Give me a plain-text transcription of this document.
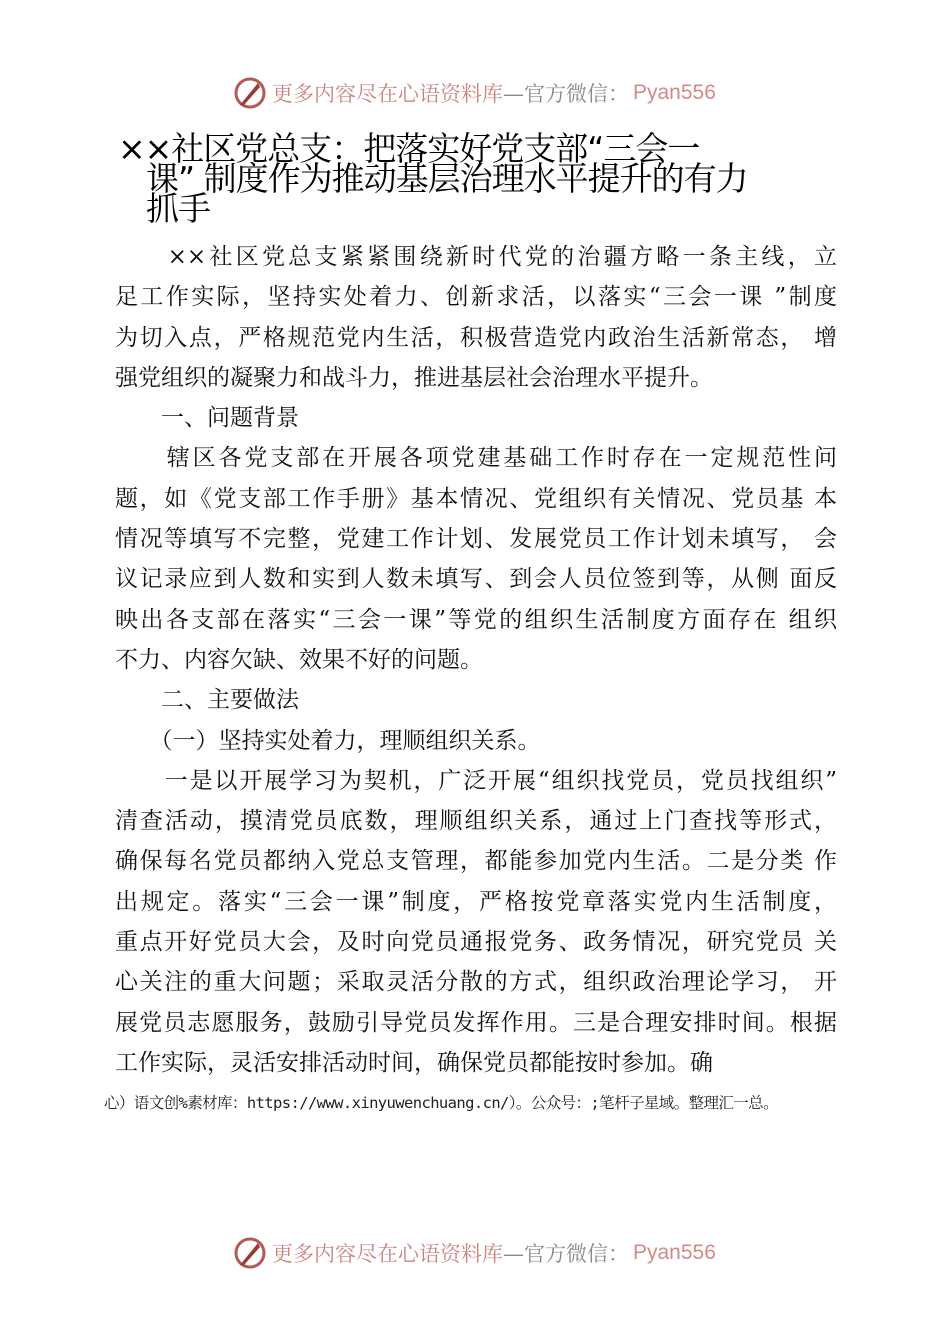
更多内容尽在心语资料库 —官方微信： Pyan556
××社区党总支：把落实好党支部“三会一
课” 制度作为推动基层治理水平提升的有力
抓手
　　××社区党总支紧紧围绕新时代党的治疆方略一条主线，立
足工作实际，坚持实处着力、创新求活，以落实“三会一课 ”制度
为切入点，严格规范党内生活，积极营造党内政治生活新常态， 增
强党组织的凝聚力和战斗力，推进基层社会治理水平提升。
　　一、问题背景
　　辖区各党支部在开展各项党建基础工作时存在一定规范性问
题，如《党支部工作手册》基本情况、党组织有关情况、党员基 本
情况等填写不完整，党建工作计划、发展党员工作计划未填写， 会
议记录应到人数和实到人数未填写、到会人员位签到等，从侧 面反
映出各支部在落实“三会一课”等党的组织生活制度方面存在 组织
不力、内容欠缺、效果不好的问题。
　　二、主要做法
　　（一）坚持实处着力，理顺组织关系。
　　一是以开展学习为契机，广泛开展“组织找党员，党员找组织”
清查活动，摸清党员底数，理顺组织关系，通过上门查找等形式，
确保每名党员都纳入党总支管理，都能参加党内生活。二是分类 作
出规定。落实“三会一课”制度，严格按党章落实党内生活制度，
重点开好党员大会，及时向党员通报党务、政务情况，研究党员 关
心关注的重大问题；采取灵活分散的方式，组织政治理论学习， 开
展党员志愿服务，鼓励引导党员发挥作用。三是合理安排时间。根据
工作实际，灵活安排活动时间，确保党员都能按时参加。确
心）语文创%素材库：https://www.xinyuwenchuang.cn/）。公众号：;笔杆子星域。整理汇一总。
更多内容尽在心语资料库 —官方微信： Pyan556
